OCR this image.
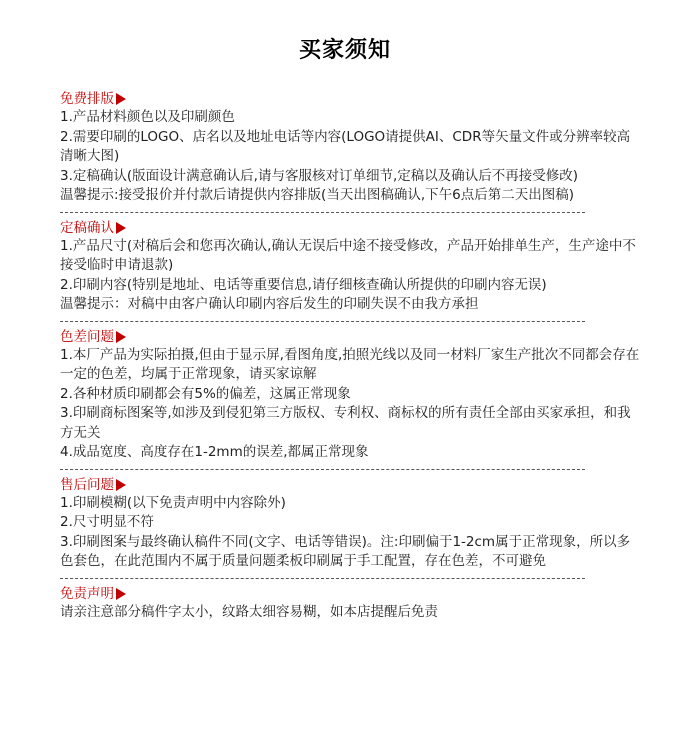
买家须知
免费排版
1.产品材料颜色以及印刷颜色
2.需要印刷的LOGO、店名以及地址电话等内容(LOGO请提供AI、CDR等矢量文件或分辨率较高清晰大图)
3.定稿确认(版面设计满意确认后,请与客服核对订单细节,定稿以及确认后不再接受修改)
温馨提示:接受报价并付款后请提供内容排版(当天出图稿确认,下午6点后第二天出图稿)
定稿确认
1.产品尺寸(对稿后会和您再次确认,确认无误后中途不接受修改，产品开始排单生产，生产途中不接受临时申请退款)
2.印刷内容(特别是地址、电话等重要信息,请仔细核查确认所提供的印刷内容无误)
温馨提示：对稿中由客户确认印刷内容后发生的印刷失误不由我方承担
色差问题
1.本厂产品为实际拍摄,但由于显示屏,看图角度,拍照光线以及同一材料厂家生产批次不同都会存在一定的色差，均属于正常现象，请买家谅解
2.各种材质印刷都会有5%的偏差，这属正常现象
3.印刷商标图案等,如涉及到侵犯第三方版权、专利权、商标权的所有责任全部由买家承担，和我方无关
4.成品宽度、高度存在1-2mm的误差,都属正常现象
售后问题
1.印刷模糊(以下免责声明中内容除外)
2.尺寸明显不符
3.印刷图案与最终确认稿件不同(文字、电话等错误)。注:印刷偏于1-2cm属于正常现象，所以多色套色，在此范围内不属于质量问题柔板印刷属于手工配置，存在色差，不可避免
免责声明
请亲注意部分稿件字太小，纹路太细容易糊，如本店提醒后免责
